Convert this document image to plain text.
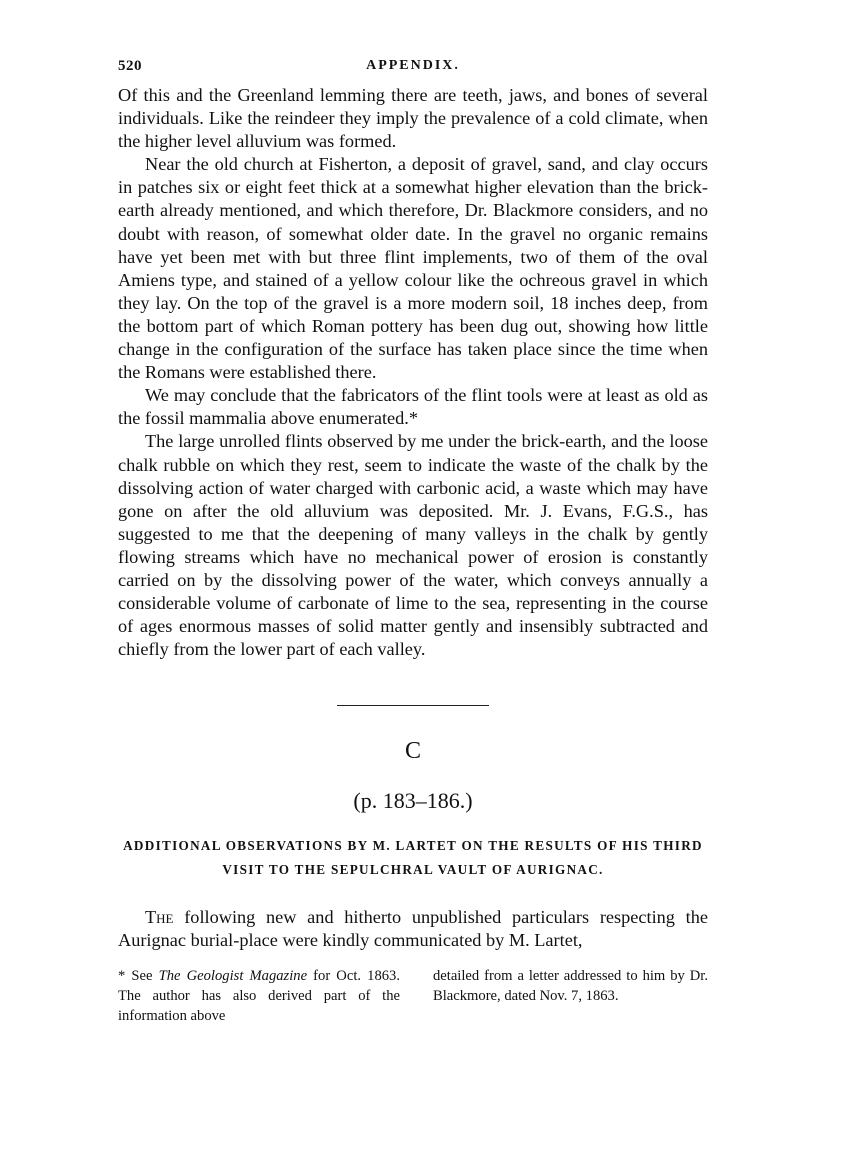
520	APPENDIX.

Of this and the Greenland lemming there are teeth, jaws, and bones of several individuals. Like the reindeer they imply the prevalence of a cold climate, when the higher level alluvium was formed.

Near the old church at Fisherton, a deposit of gravel, sand, and clay occurs in patches six or eight feet thick at a somewhat higher elevation than the brick-earth already mentioned, and which therefore, Dr. Blackmore considers, and no doubt with reason, of somewhat older date. In the gravel no organic remains have yet been met with but three flint implements, two of them of the oval Amiens type, and stained of a yellow colour like the ochreous gravel in which they lay. On the top of the gravel is a more modern soil, 18 inches deep, from the bottom part of which Roman pottery has been dug out, showing how little change in the configuration of the surface has taken place since the time when the Romans were established there.

We may conclude that the fabricators of the flint tools were at least as old as the fossil mammalia above enumerated.*

The large unrolled flints observed by me under the brick-earth, and the loose chalk rubble on which they rest, seem to indicate the waste of the chalk by the dissolving action of water charged with carbonic acid, a waste which may have gone on after the old alluvium was deposited. Mr. J. Evans, F.G.S., has suggested to me that the deepening of many valleys in the chalk by gently flowing streams which have no mechanical power of erosion is constantly carried on by the dissolving power of the water, which conveys annually a considerable volume of carbonate of lime to the sea, representing in the course of ages enormous masses of solid matter gently and insensibly subtracted and chiefly from the lower part of each valley.

C
(p. 183–186.)
ADDITIONAL OBSERVATIONS BY M. LARTET ON THE RESULTS OF HIS THIRD VISIT TO THE SEPULCHRAL VAULT OF AURIGNAC.

The following new and hitherto unpublished particulars respecting the Aurignac burial-place were kindly communicated by M. Lartet,

* See The Geologist Magazine for Oct. 1863. The author has also derived part of the information above
detailed from a letter addressed to him by Dr. Blackmore, dated Nov. 7, 1863.
